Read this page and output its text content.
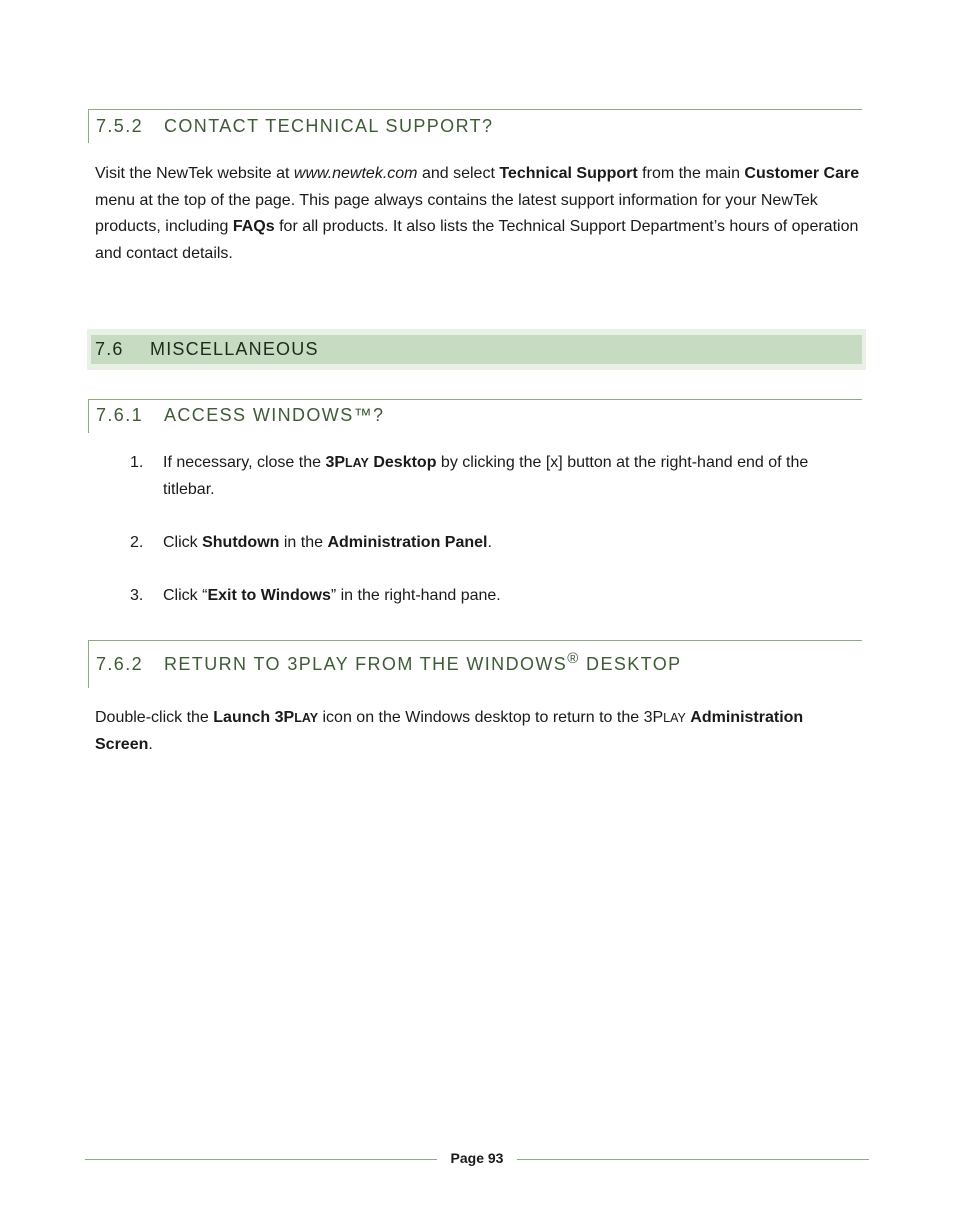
7.5.2 CONTACT TECHNICAL SUPPORT?

Visit the NewTek website at www.newtek.com and select Technical Support from the main Customer Care menu at the top of the page. This page always contains the latest support information for your NewTek products, including FAQs for all products. It also lists the Technical Support Department’s hours of operation and contact details.

7.6 MISCELLANEOUS
7.6.1 ACCESS WINDOWS™?
1. If necessary, close the 3PLAY Desktop by clicking the [x] button at the right-hand end of the titlebar.
2. Click Shutdown in the Administration Panel.
3. Click “Exit to Windows” in the right-hand pane.
7.6.2 RETURN TO 3PLAY FROM THE WINDOWS® DESKTOP

Double-click the Launch 3PLAY icon on the Windows desktop to return to the 3PLAY Administration Screen.

Page 93
